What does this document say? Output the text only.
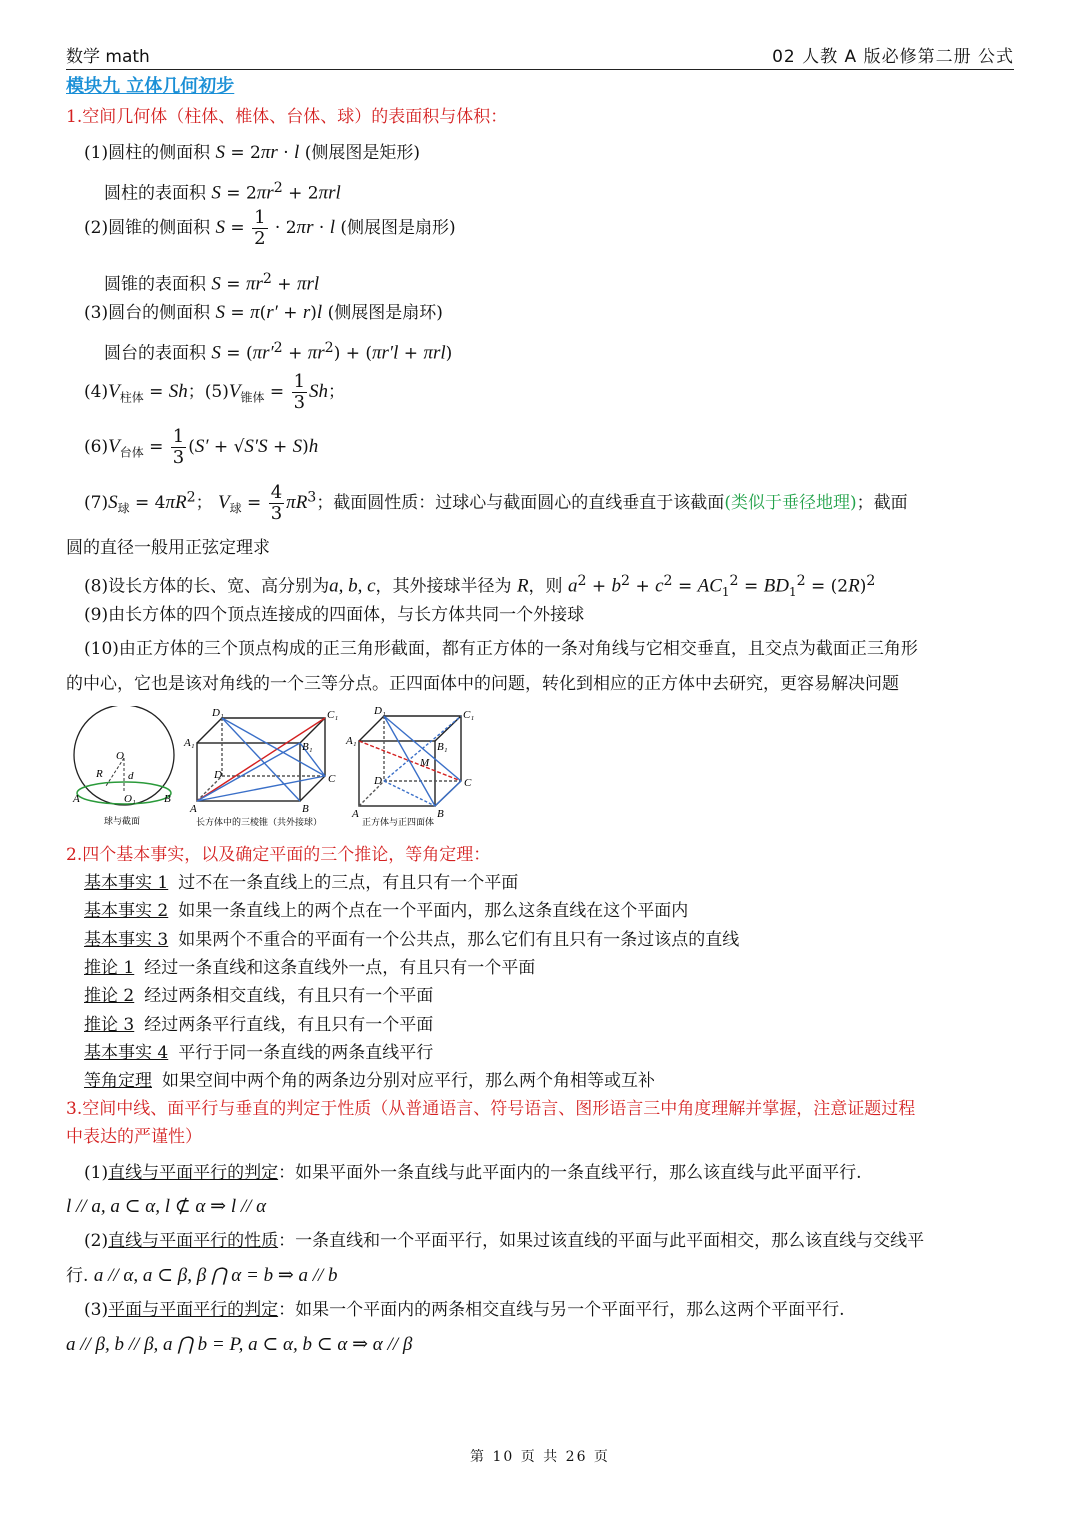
数学 math	02 人教 A 版必修第二册 公式
模块九 立体几何初步
1.空间几何体（柱体、椎体、台体、球）的表面积与体积：
(1)圆柱的侧面积 S = 2πr · l (侧展图是矩形)
圆柱的表面积 $S = 2\pi r^2 + 2\pi rl$
(2)圆锥的侧面积 $S = \frac{1}{2} \cdot 2\pi r \cdot l$ (侧展图是扇形)
圆锥的表面积 $S = \pi r^2 + \pi rl$
(3)圆台的侧面积 S = π(r′ + r)l (侧展图是扇环)
圆台的表面积 $S = (\pi r'^2 + \pi r^2) + (\pi r'l + \pi rl)$
$(4)V_{柱体} = Sh$；$(5)V_{锥体} = \frac{1}{3}$ Sh；
$(6)V_{台体} = \frac{1}{3} (S' + √S'S + S)h$
$(7)S_球 = 4\pi R^2$； $V_球 = \frac{4}{3} \pi R^3$；截面圆性质：过球心与截面圆心的直线垂直于该截面(类似于垂径地理)；截面
圆的直径一般用正弦定理求
(8)设长方体的长、宽、高分别为a, b, c，其外接球半径为 R，则 $a^2 + b^2 + c^2 = AC_1^2 = BD_1^2 = (2R)^2$
(9)由长方体的四个顶点连接成的四面体，与长方体共同一个外接球
(10)由正方体的三个顶点构成的正三角形截面，都有正方体的一条对角线与它相交垂直，且交点为截面正三角形
的中心，它也是该对角线的一个三等分点。正四面体中的问题，转化到相应的正方体中去研究，更容易解决问题
O
R d
O₁
A	B
球与截面
D₁	C₁
A₁	B₁
D	C
A	B
长方体中的三棱锥（共外接球）
D₁	C₁
A₁	B₁
D	C
M
A	B
正方体与正四面体
2.四个基本事实，以及确定平面的三个推论，等角定理：
基本事实 1 过不在一条直线上的三点，有且只有一个平面
基本事实 2 如果一条直线上的两个点在一个平面内，那么这条直线在这个平面内
基本事实 3 如果两个不重合的平面有一个公共点，那么它们有且只有一条过该点的直线
推论 1 经过一条直线和这条直线外一点，有且只有一个平面
推论 2 经过两条相交直线，有且只有一个平面
推论 3 经过两条平行直线，有且只有一个平面
基本事实 4 平行于同一条直线的两条直线平行
等角定理 如果空间中两个角的两条边分别对应平行，那么两个角相等或互补
3.空间中线、面平行与垂直的判定于性质（从普通语言、符号语言、图形语言三中角度理解并掌握，注意证题过程
中表达的严谨性）
(1)直线与平面平行的判定：如果平面外一条直线与此平面内的一条直线平行，那么该直线与此平面平行.
l // a, a ⊂ α, l ⊄ α ⇒ l // α
(2)直线与平面平行的性质：一条直线和一个平面平行，如果过该直线的平面与此平面相交，那么该直线与交线平
行. a // α, a ⊂ β, β ⋂ α = b ⇒ a // b
(3)平面与平面平行的判定：如果一个平面内的两条相交直线与另一个平面平行，那么这两个平面平行.
a // β, b // β, a ⋂ b = P, a ⊂ α, b ⊂ α ⇒ α // β
第 10 页 共 26 页
